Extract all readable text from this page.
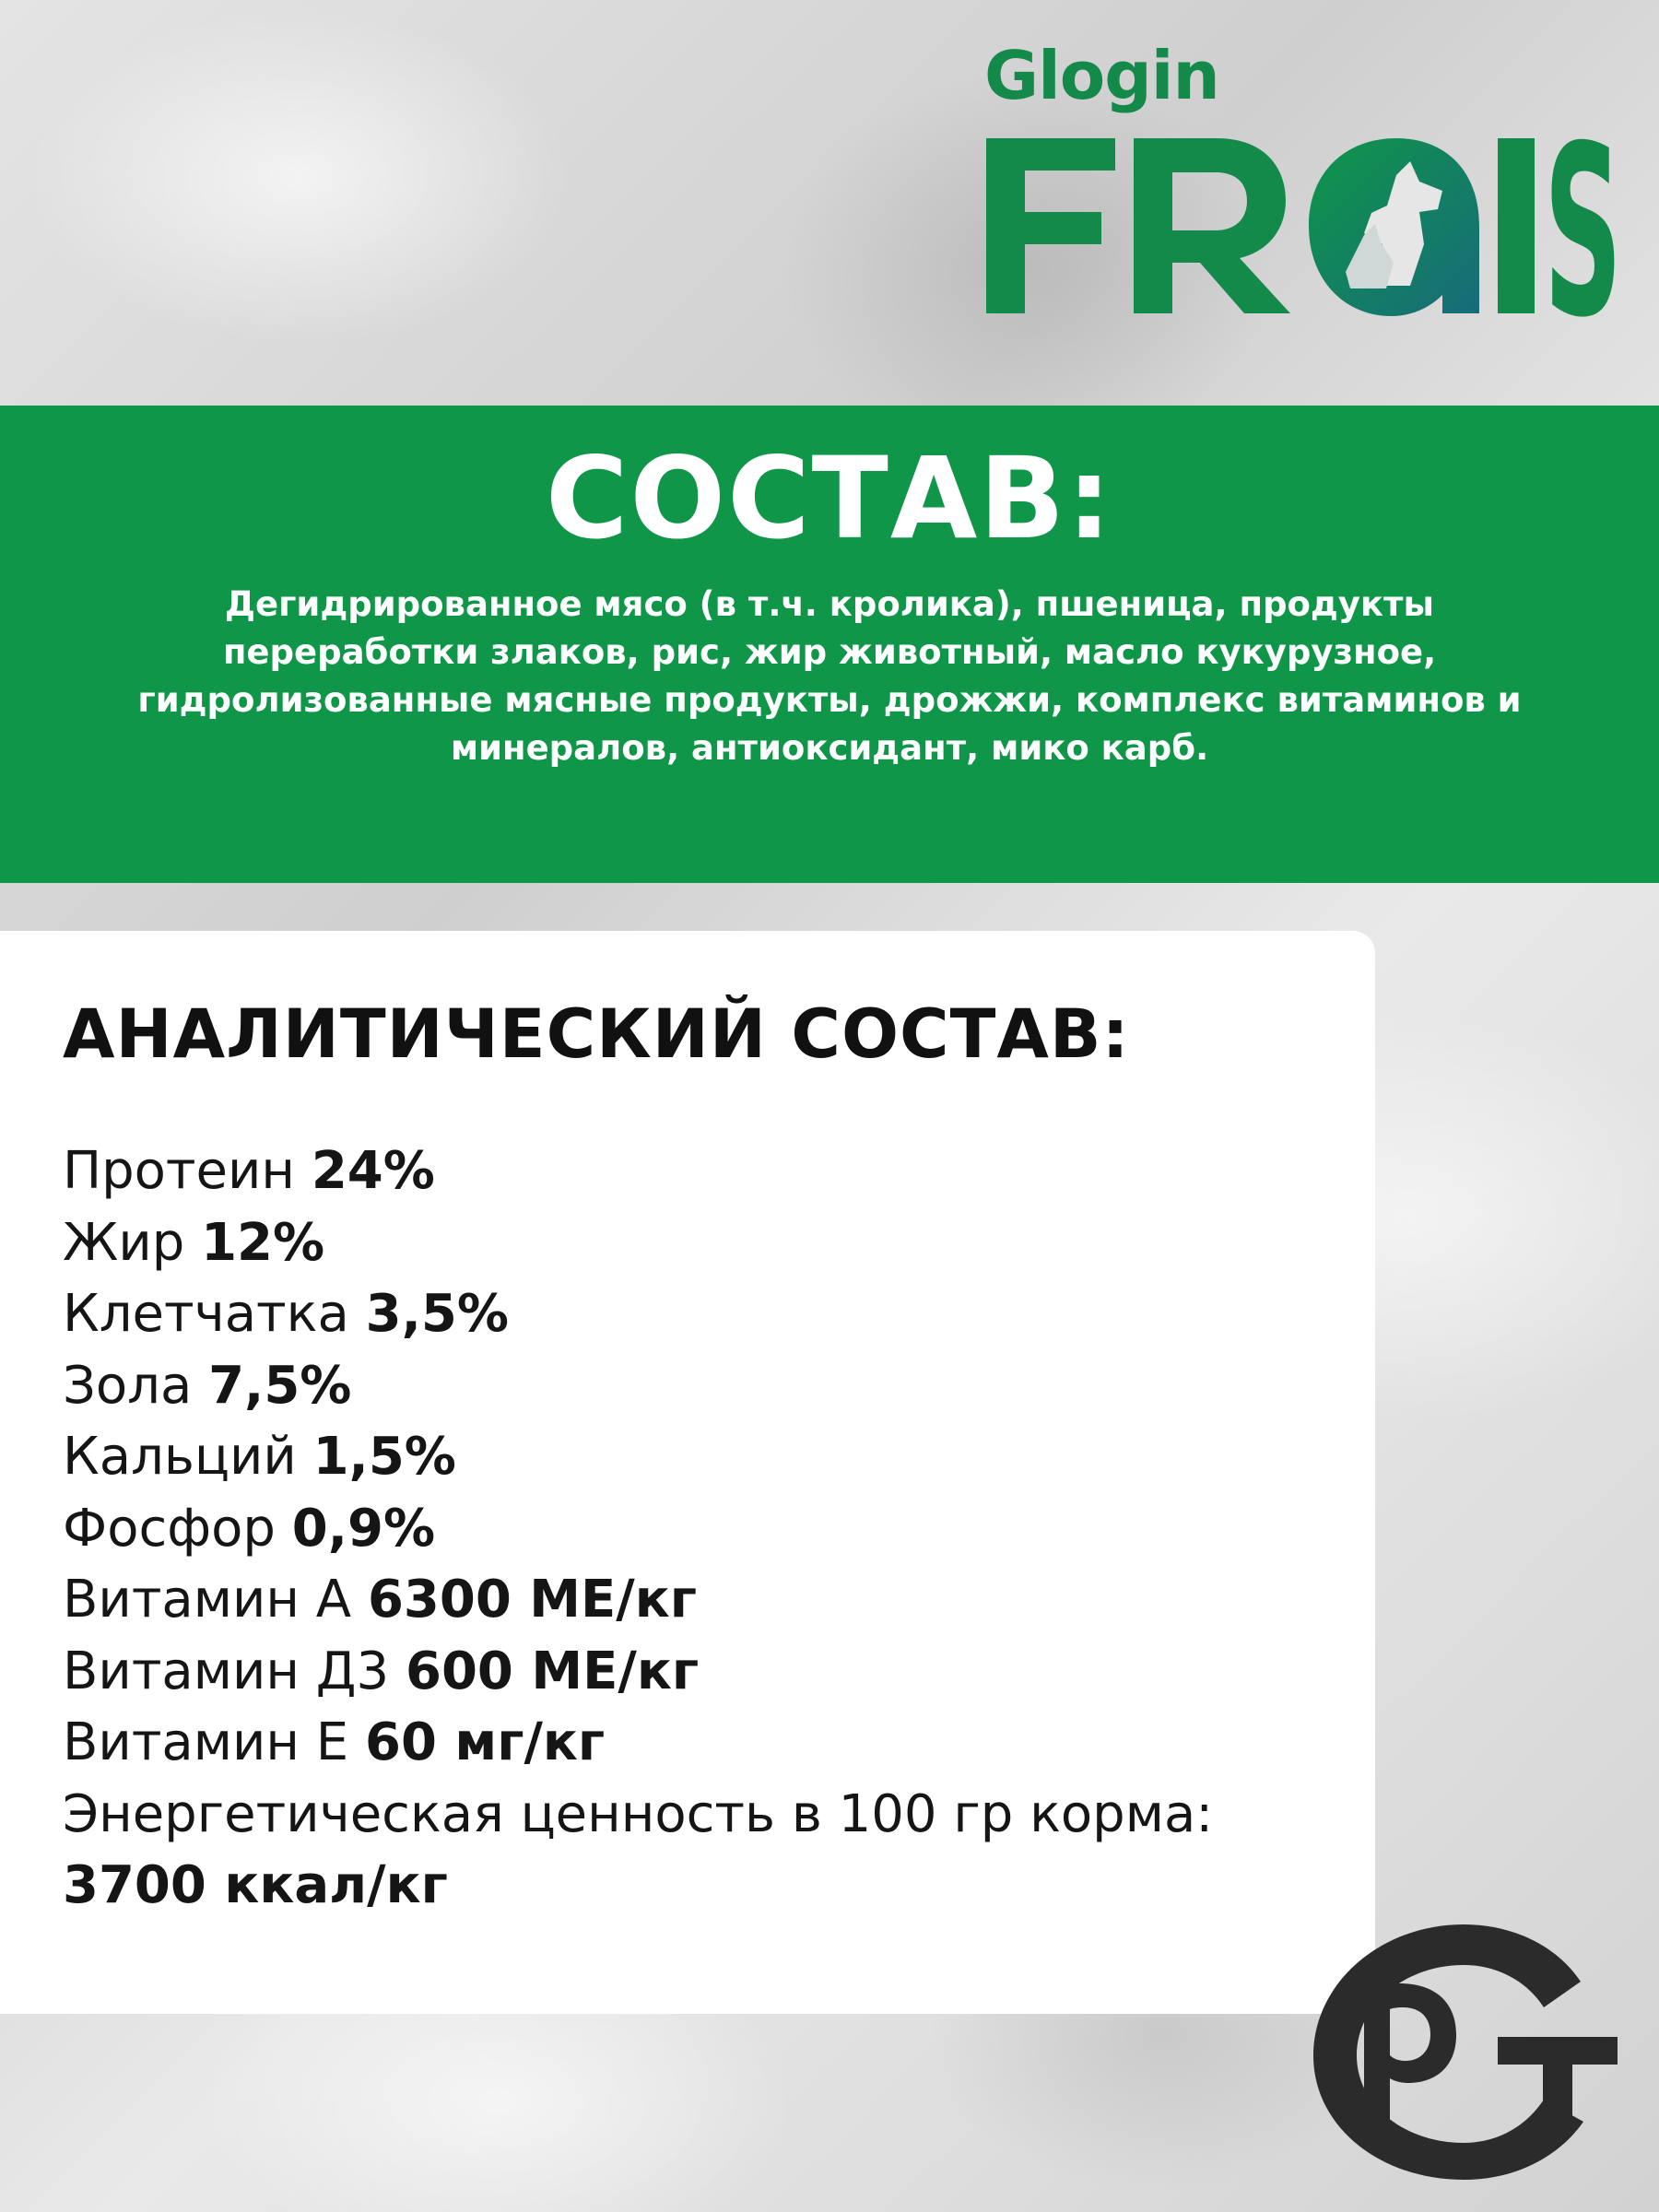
Glogin
S
СОСТАВ:
Дегидрированное мясо (в т.ч. кролика), пшеница, продукты переработки злаков, рис, жир животный, масло кукурузное, гидролизованные мясные продукты, дрожжи, комплекс витаминов и минералов, антиоксидант, мико карб.
АНАЛИТИЧЕСКИЙ СОСТАВ:
Протеин 24%
Жир 12%
Клетчатка 3,5%
Зола 7,5%
Кальций 1,5%
Фосфор 0,9%
Витамин А 6300 МЕ/кг
Витамин Д3 600 МЕ/кг
Витамин Е 60 мг/кг
Энергетическая ценность в 100 гр корма:
3700 ккал/кг
